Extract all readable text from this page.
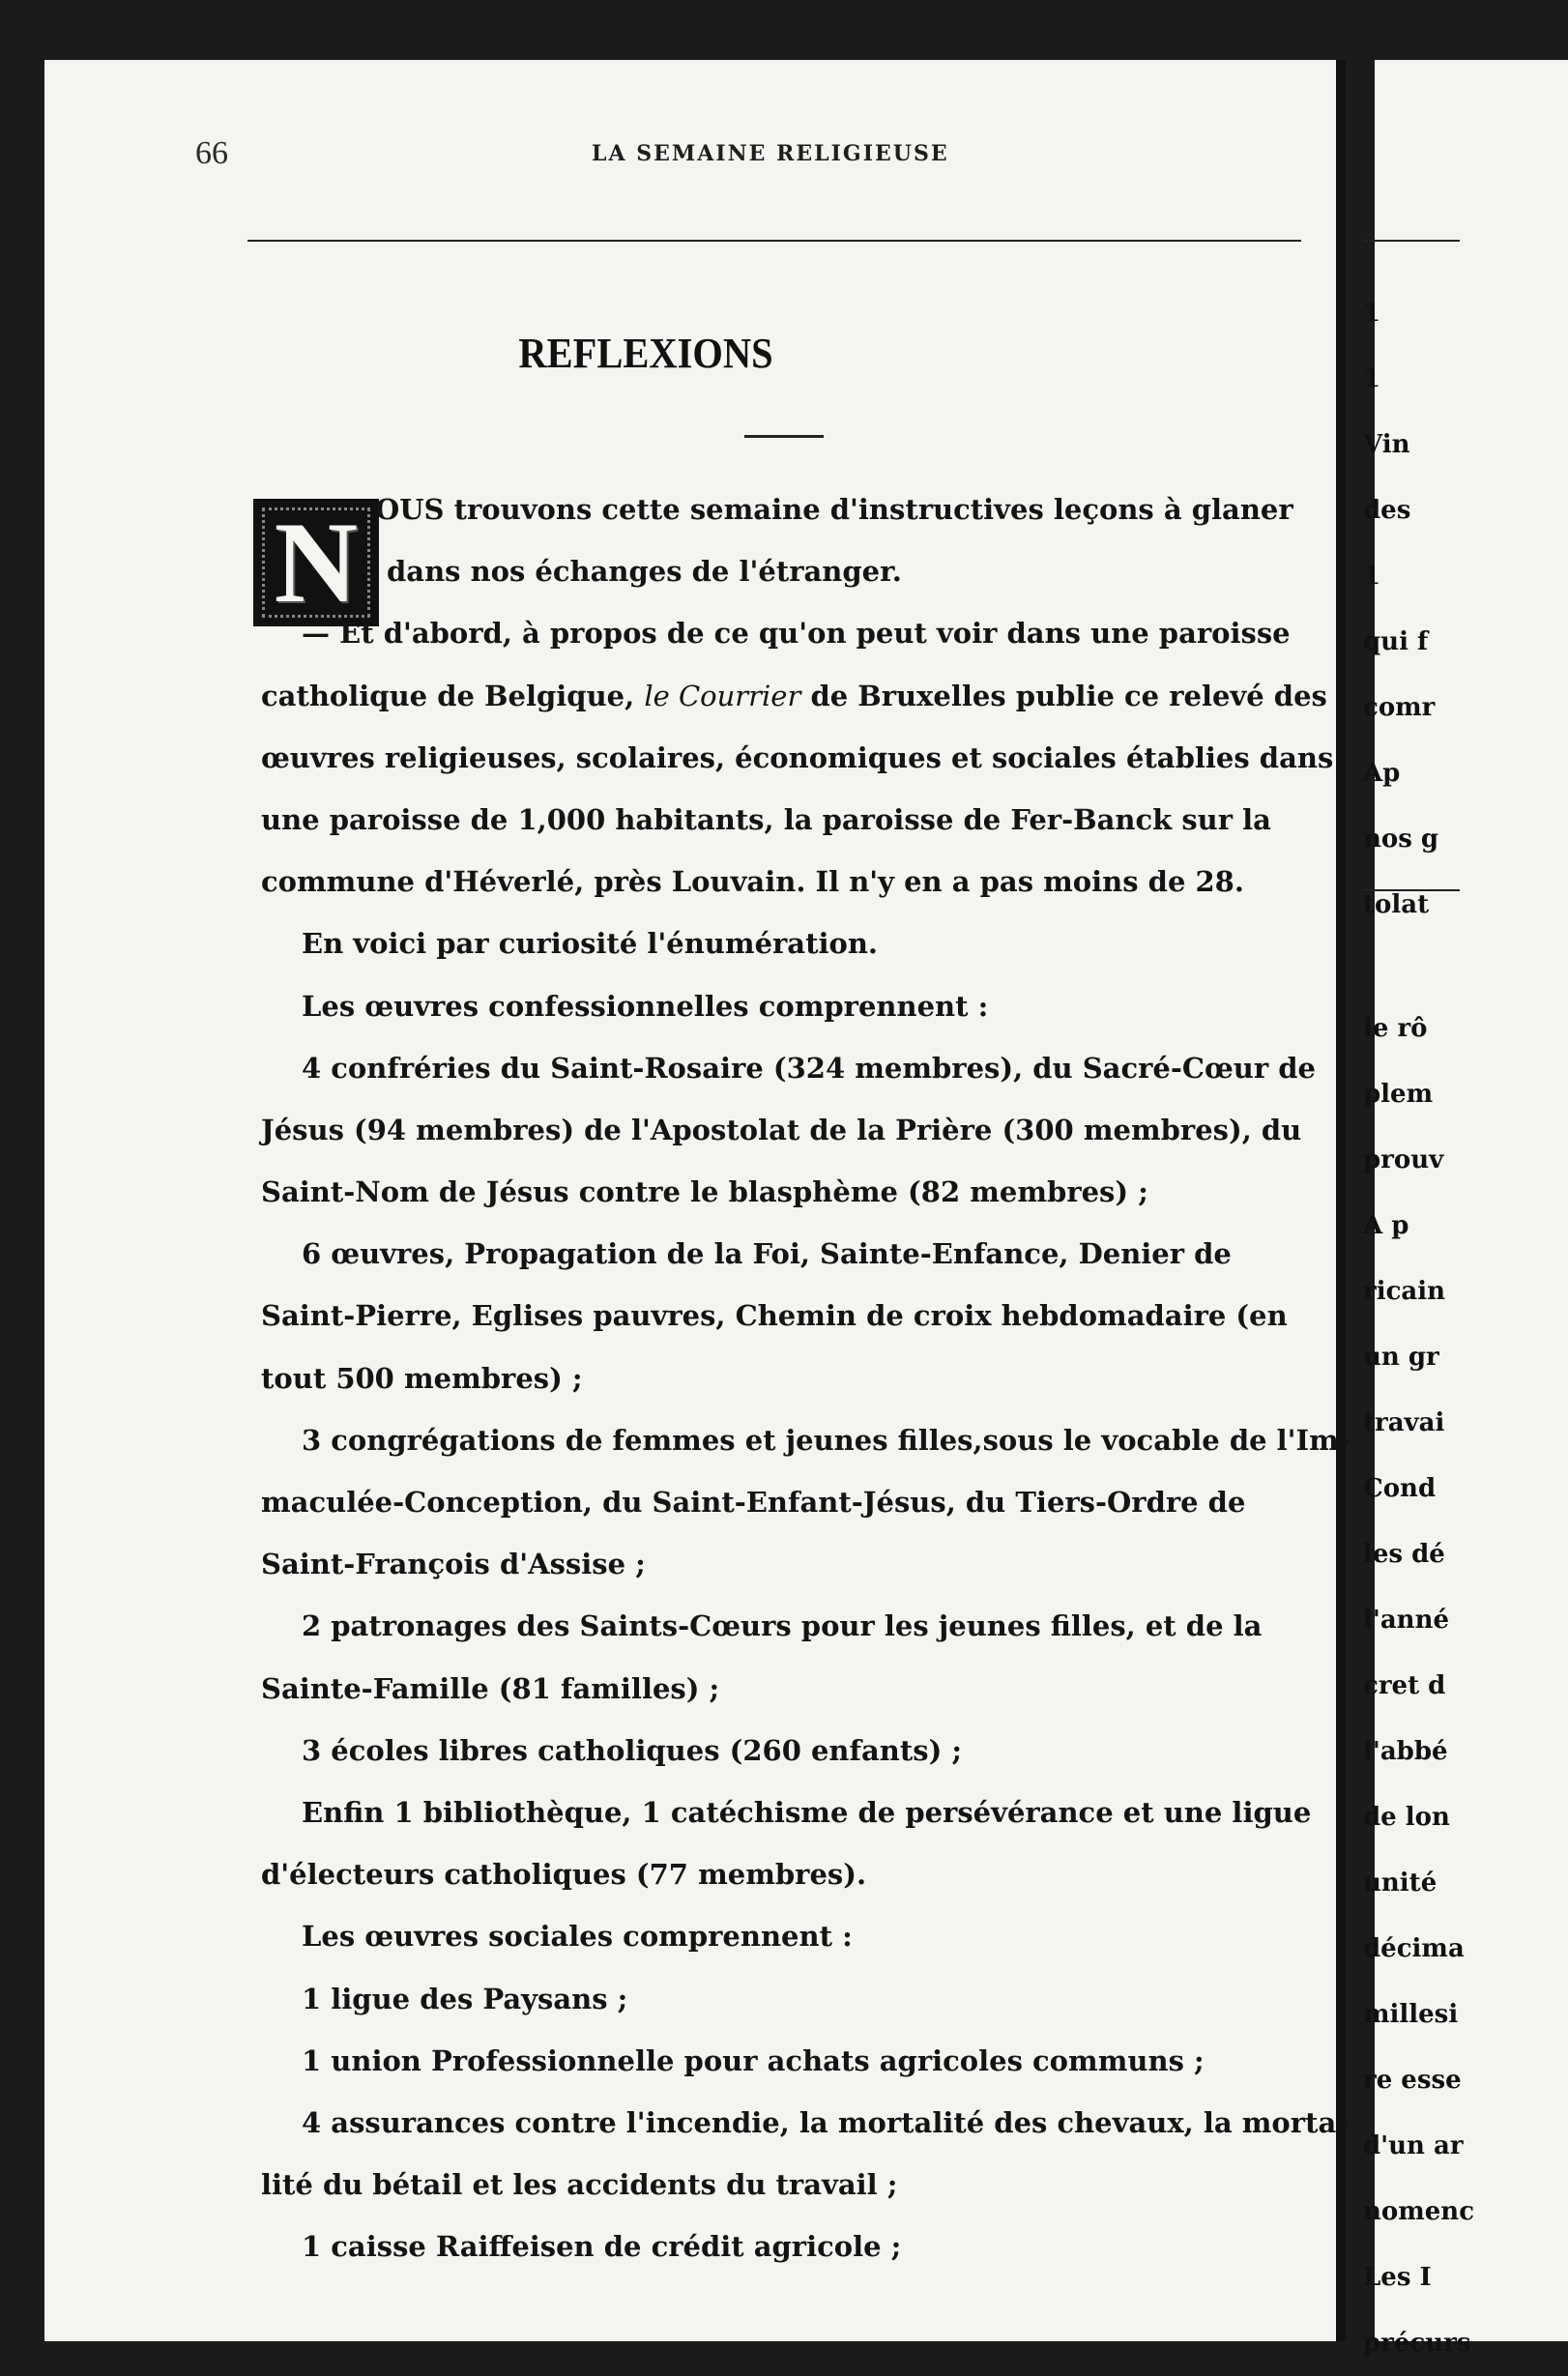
66	LA SEMAINE RELIGIEUSE
REFLEXIONS
N OUS trouvons cette semaine d'instructives leçons à glaner
dans nos échanges de l'étranger.
— Et d'abord, à propos de ce qu'on peut voir dans une paroisse
catholique de Belgique, le Courrier de Bruxelles publie ce relevé des
œuvres religieuses, scolaires, économiques et sociales établies dans
une paroisse de 1,000 habitants, la paroisse de Fer-Banck sur la
commune d'Héverlé, près Louvain. Il n'y en a pas moins de 28.
En voici par curiosité l'énumération.
Les œuvres confessionnelles comprennent :
4 confréries du Saint-Rosaire (324 membres), du Sacré-Cœur de
Jésus (94 membres) de l'Apostolat de la Prière (300 membres), du
Saint-Nom de Jésus contre le blasphème (82 membres) ;
6 œuvres, Propagation de la Foi, Sainte-Enfance, Denier de
Saint-Pierre, Eglises pauvres, Chemin de croix hebdomadaire (en
tout 500 membres) ;
3 congrégations de femmes et jeunes filles,sous le vocable de l'Im-
maculée-Conception, du Saint-Enfant-Jésus, du Tiers-Ordre de
Saint-François d'Assise ;
2 patronages des Saints-Cœurs pour les jeunes filles, et de la
Sainte-Famille (81 familles) ;
3 écoles libres catholiques (260 enfants) ;
Enfin 1 bibliothèque, 1 catéchisme de persévérance et une ligue
d'électeurs catholiques (77 membres).
Les œuvres sociales comprennent :
1 ligue des Paysans ;
1 union Professionnelle pour achats agricoles communs ;
4 assurances contre l'incendie, la mortalité des chevaux, la morta-
lité du bétail et les accidents du travail ;
1 caisse Raiffeisen de crédit agricole ;
1
1
Vin
des
1
qui f
comr
Ap
nos g
tolat
le rô
plem
prouv
A p
ricain
un gr
travai
Cond
les dé
l'anné
cret d
l'abbé
de lon
unité
décima
millesi
re esse
d'un ar
nomenc
Les I
précurs
